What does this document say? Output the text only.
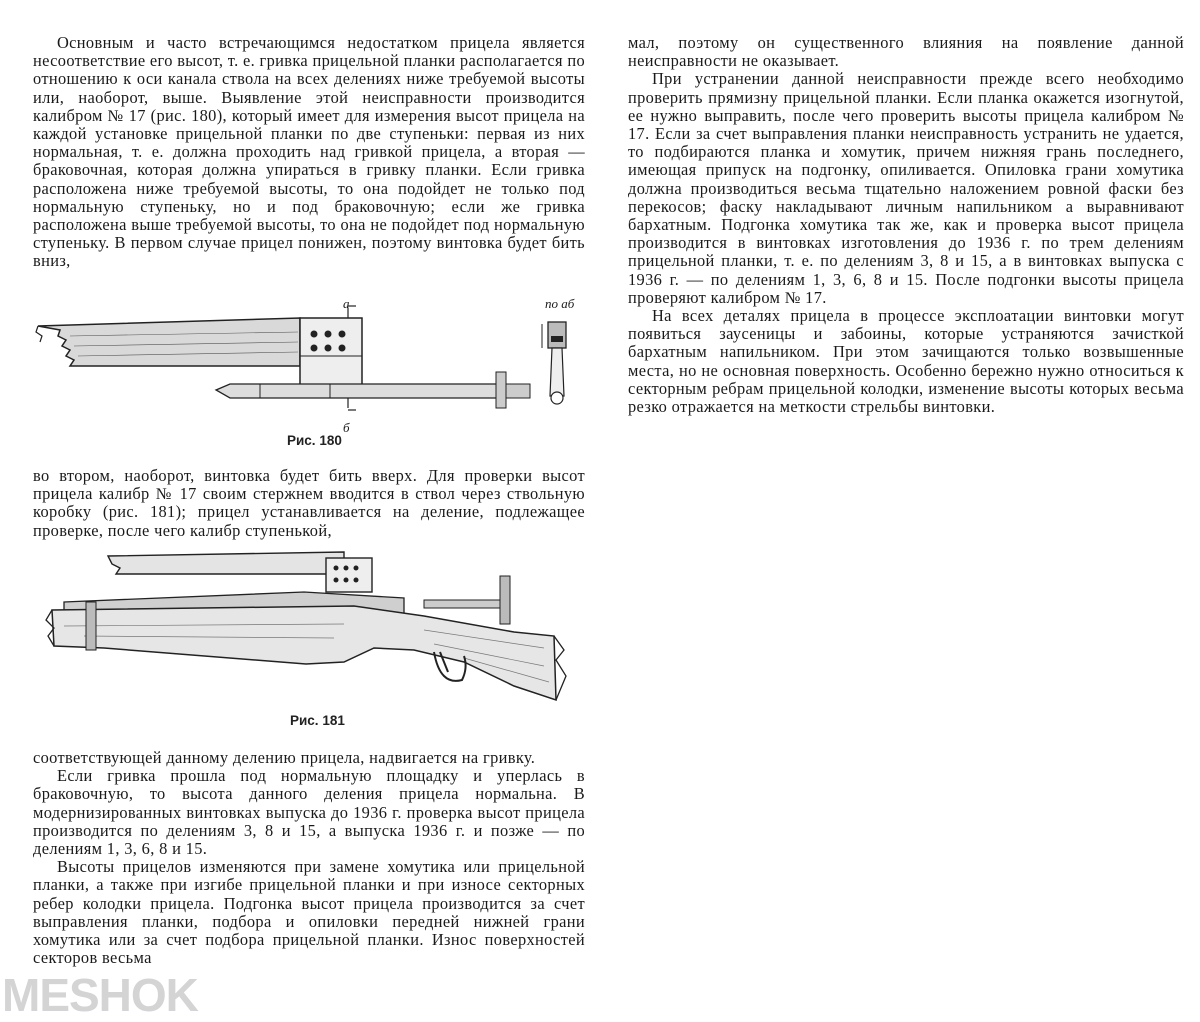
Основным и часто встречающимся недостатком прицела является несоответствие его высот, т. е. гривка прицельной планки располагается по отношению к оси канала ствола на всех делениях ниже требуемой высоты или, наоборот, выше. Выявление этой неисправности производится калибром № 17 (рис. 180), который имеет для измерения высот прицела на каждой установке прицельной планки по две ступеньки: первая из них нормальная, т. е. должна проходить над гривкой прицела, а вторая — браковочная, которая должна упираться в гривку планки. Если гривка расположена ниже требуемой высоты, то она подойдет не только под нормальную ступеньку, но и под браковочную; если же гривка расположена выше требуемой высоты, то она не подойдет под нормальную ступеньку. В первом случае прицел понижен, поэтому винтовка будет бить вниз,

а
б
по аб
Рис. 180

во втором, наоборот, винтовка будет бить вверх. Для проверки высот прицела калибр № 17 своим стержнем вводится в ствол через ствольную коробку (рис. 181); прицел устанавливается на деление, подлежащее проверке, после чего калибр ступенькой,

Рис. 181

соответствующей данному делению прицела, надвигается на гривку.

Если гривка прошла под нормальную площадку и уперлась в браковочную, то высота данного деления прицела нормальна. В модернизированных винтовках выпуска до 1936 г. проверка высот прицела производится по делениям 3, 8 и 15, а выпуска 1936 г. и позже — по делениям 1, 3, 6, 8 и 15.

Высоты прицелов изменяются при замене хомутика или прицельной планки, а также при изгибе прицельной планки и при износе секторных ребер колодки прицела. Подгонка высот прицела производится за счет выправления планки, подбора и опиловки передней нижней грани хомутика или за счет подбора прицельной планки. Износ поверхностей секторов весьма

мал, поэтому он существенного влияния на появление данной неисправности не оказывает.

При устранении данной неисправности прежде всего необходимо проверить прямизну прицельной планки. Если планка окажется изогнутой, ее нужно выправить, после чего проверить высоты прицела калибром № 17. Если за счет выправления планки неисправность устранить не удается, то подбираются планка и хомутик, причем нижняя грань последнего, имеющая припуск на подгонку, опиливается. Опиловка грани хомутика должна производиться весьма тщательно наложением ровной фаски без перекосов; фаску накладывают личным напильником а выравнивают бархатным. Подгонка хомутика так же, как и проверка высот прицела производится в винтовках изготовления до 1936 г. по трем делениям прицельной планки, т. е. по делениям 3, 8 и 15, а в винтовках выпуска с 1936 г. — по делениям 1, 3, 6, 8 и 15. После подгонки высоты прицела проверяют калибром № 17.

На всех деталях прицела в процессе эксплоатации винтовки могут появиться заусеницы и забоины, которые устраняются зачисткой бархатным напильником. При этом зачищаются только возвышенные места, но не основная поверхность. Особенно бережно нужно относиться к секторным ребрам прицельной колодки, изменение высоты которых весьма резко отражается на меткости стрельбы винтовки.

MESHOK
